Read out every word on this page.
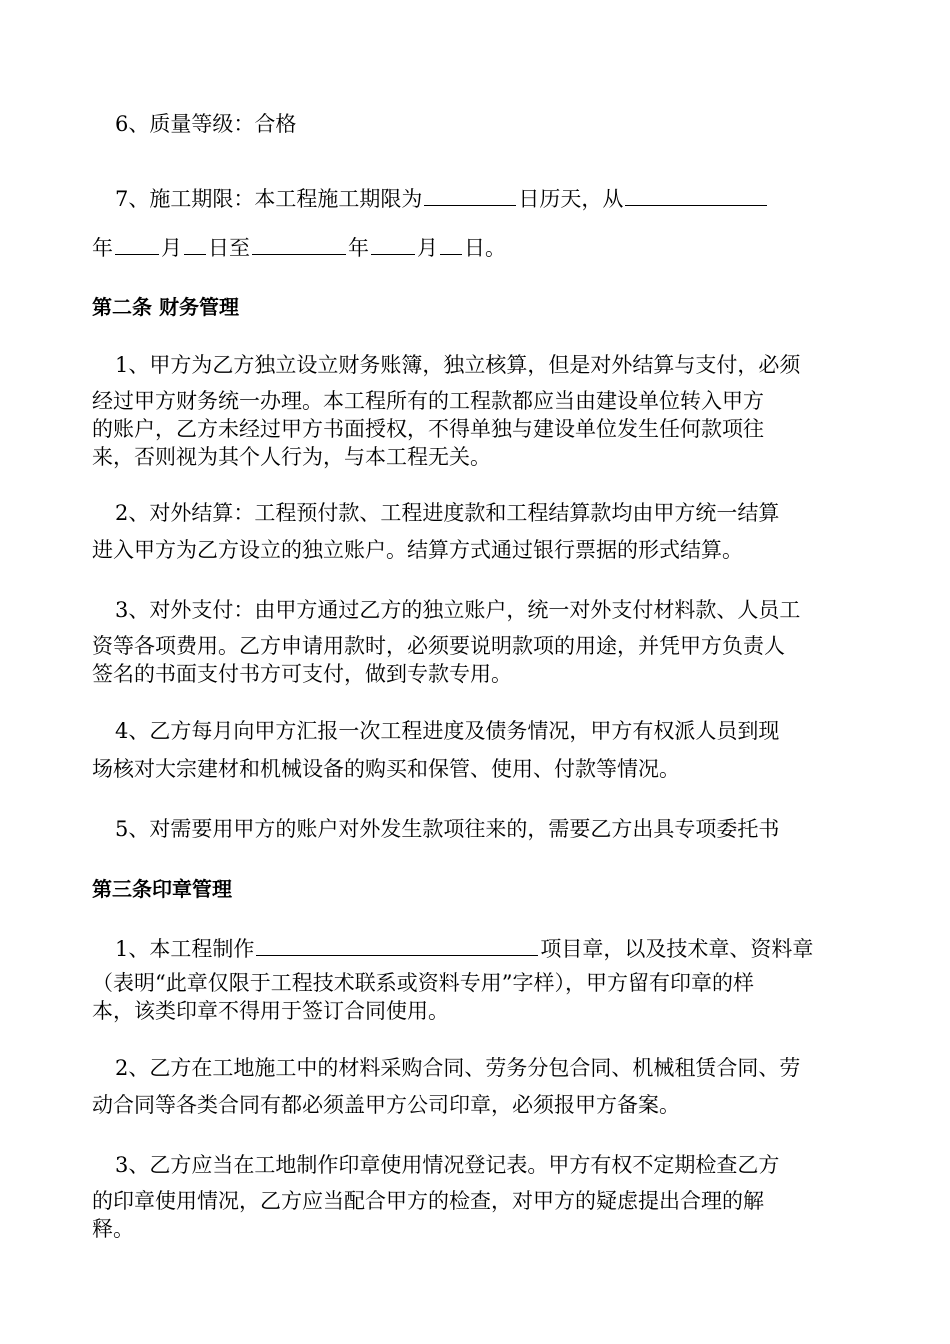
6、质量等级：合格
7、施工期限：本工程施工期限为	日历天，从
年 月 日至	年 月 日。
第二条 财务管理
1、甲方为乙方独立设立财务账簿，独立核算，但是对外结算与支付，必须
经过甲方财务统一办理。本工程所有的工程款都应当由建设单位转入甲方
的账户，乙方未经过甲方书面授权，不得单独与建设单位发生任何款项往
来，否则视为其个人行为，与本工程无关。
2、对外结算：工程预付款、工程进度款和工程结算款均由甲方统一结算
进入甲方为乙方设立的独立账户。结算方式通过银行票据的形式结算。
3、对外支付：由甲方通过乙方的独立账户，统一对外支付材料款、人员工
资等各项费用。乙方申请用款时，必须要说明款项的用途，并凭甲方负责人
签名的书面支付书方可支付，做到专款专用。
4、乙方每月向甲方汇报一次工程进度及债务情况，甲方有权派人员到现
场核对大宗建材和机械设备的购买和保管、使用、付款等情况。
5、对需要用甲方的账户对外发生款项往来的，需要乙方出具专项委托书
第三条印章管理
1、本工程制作	项目章，以及技术章、资料章
（表明“此章仅限于工程技术联系或资料专用”字样），甲方留有印章的样
本，该类印章不得用于签订合同使用。
2、乙方在工地施工中的材料采购合同、劳务分包合同、机械租赁合同、劳
动合同等各类合同有都必须盖甲方公司印章，必须报甲方备案。
3、乙方应当在工地制作印章使用情况登记表。甲方有权不定期检查乙方
的印章使用情况，乙方应当配合甲方的检查，对甲方的疑虑提出合理的解
释。
